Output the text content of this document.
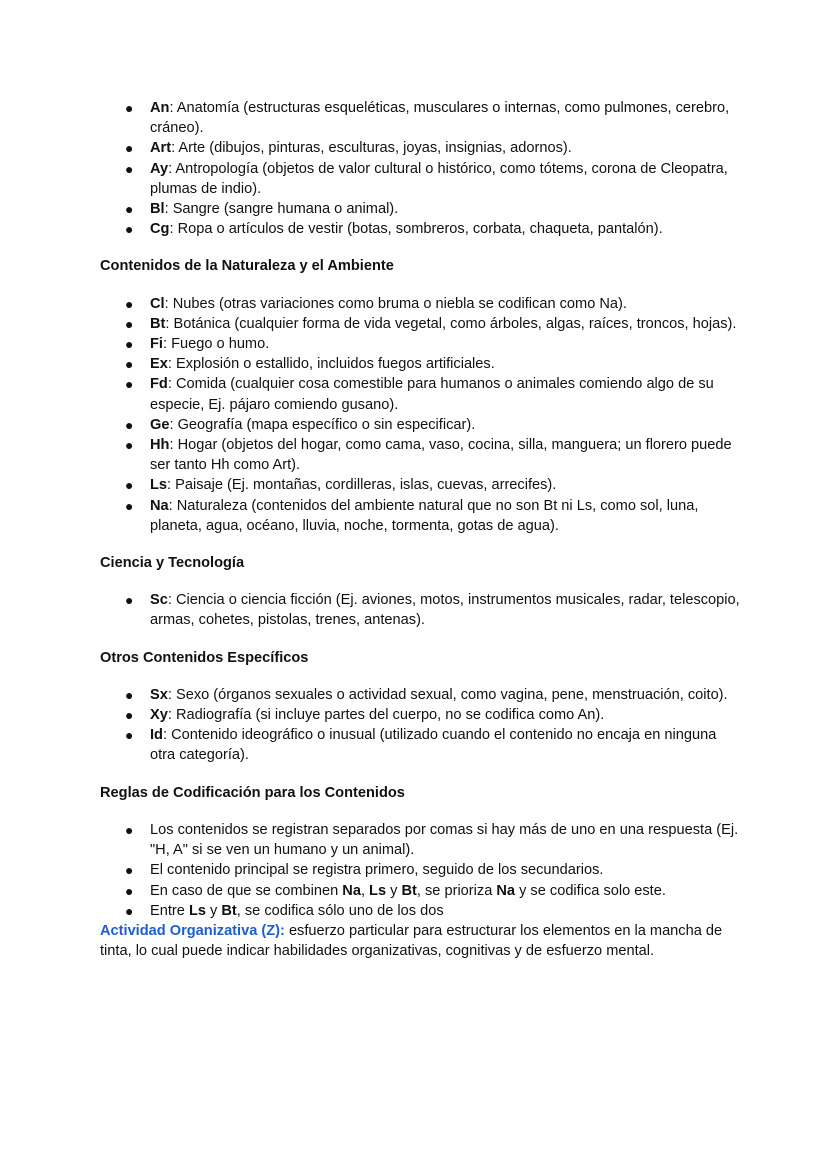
● An: Anatomía (estructuras esqueléticas, musculares o internas, como pulmones, cerebro, cráneo).
● Art: Arte (dibujos, pinturas, esculturas, joyas, insignias, adornos).
● Ay: Antropología (objetos de valor cultural o histórico, como tótems, corona de Cleopatra, plumas de indio).
● Bl: Sangre (sangre humana o animal).
● Cg: Ropa o artículos de vestir (botas, sombreros, corbata, chaqueta, pantalón).

Contenidos de la Naturaleza y el Ambiente

● Cl: Nubes (otras variaciones como bruma o niebla se codifican como Na).
● Bt: Botánica (cualquier forma de vida vegetal, como árboles, algas, raíces, troncos, hojas).
● Fi: Fuego o humo.
● Ex: Explosión o estallido, incluidos fuegos artificiales.
● Fd: Comida (cualquier cosa comestible para humanos o animales comiendo algo de su especie, Ej. pájaro comiendo gusano).
● Ge: Geografía (mapa específico o sin especificar).
● Hh: Hogar (objetos del hogar, como cama, vaso, cocina, silla, manguera; un florero puede ser tanto Hh como Art).
● Ls: Paisaje (Ej. montañas, cordilleras, islas, cuevas, arrecifes).
● Na: Naturaleza (contenidos del ambiente natural que no son Bt ni Ls, como sol, luna, planeta, agua, océano, lluvia, noche, tormenta, gotas de agua).

Ciencia y Tecnología

● Sc: Ciencia o ciencia ficción (Ej. aviones, motos, instrumentos musicales, radar, telescopio, armas, cohetes, pistolas, trenes, antenas).

Otros Contenidos Específicos

● Sx: Sexo (órganos sexuales o actividad sexual, como vagina, pene, menstruación, coito).
● Xy: Radiografía (si incluye partes del cuerpo, no se codifica como An).
● Id: Contenido ideográfico o inusual (utilizado cuando el contenido no encaja en ninguna otra categoría).

Reglas de Codificación para los Contenidos

● Los contenidos se registran separados por comas si hay más de uno en una respuesta (Ej. "H, A" si se ven un humano y un animal).
● El contenido principal se registra primero, seguido de los secundarios.
● En caso de que se combinen Na, Ls y Bt, se prioriza Na y se codifica solo este.
● Entre Ls y Bt, se codifica sólo uno de los dos

Actividad Organizativa (Z): esfuerzo particular para estructurar los elementos en la mancha de tinta, lo cual puede indicar habilidades organizativas, cognitivas y de esfuerzo mental.
